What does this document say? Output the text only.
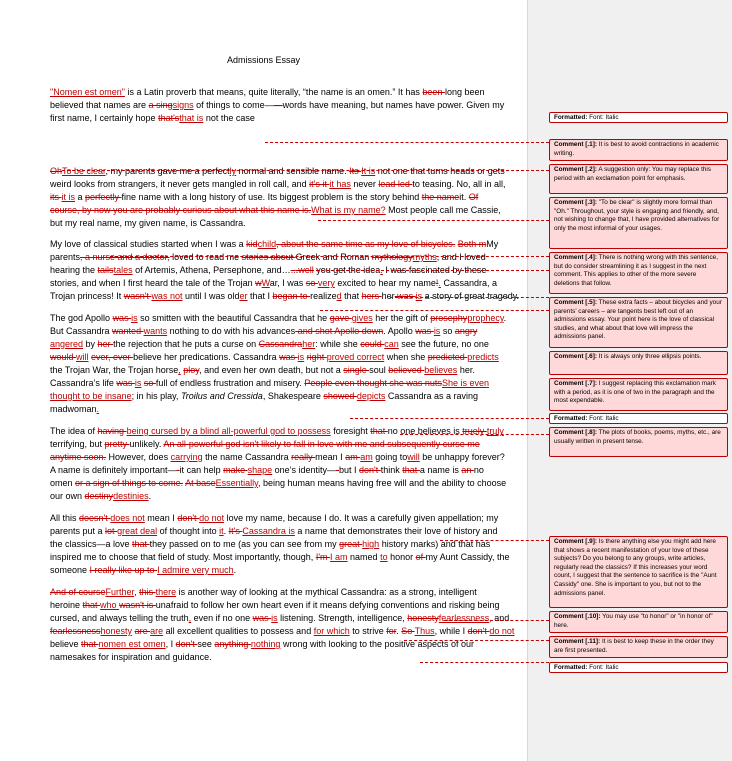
Admissions Essay
"Nomen est omen" is a Latin proverb that means, quite literally, “the name is an omen.” It has been long been
believed that names are a singsigns of things to come——words have meaning, but names have power. Given my
first name, I certainly hope that'sthat is not the case
OhTo be clear, my parents gave me a perfectly normal and sensible name. Its It is not one that turns heads or gets
weird looks from strangers, it never gets mangled in roll call, and it's it it has never lead led to teasing. No, all in all,
its it is a perfectly fine name with a long history of use. Its biggest problem is the story behind the nameit. Of
course, by now you are probably curious about what this name is.What is my name? Most people call me Cassie,
but my real name, my given name, is Cassandra.
My love of classical studies started when I was a kidchild, about the same time as my love of bicycles. Both mMy
parents, a nurse and a doctor, loved to read me stories about Greek and Roman mythologymyths, and I loved
hearing the tailstales of Artemis, Athena, Persephone, and…...well you get the idea. I was fascinated by these
stories, and when I first heard the tale of the Trojan wWar, I was so very excited to hear my name!. Cassandra, a
Trojan princess! It wasn't was not until I was older that I began to realized that hers her was is a story of great tragedy.
The god Apollo was is so smitten with the beautiful Cassandra that he gave gives her the gift of prosephyprophecy.
But Cassandra wanted wants nothing to do with his advances and shot Apollo down. Apollo was is so angry
angered by her the rejection that he puts a curse on Cassandraher: while she could can see the future, no one
would will ever, ever believe her predications. Cassandra was is right proved correct when she predicted predicts
the Trojan War, the Trojan horse, ploy, and even her own death, but not a single soul believed believes her.
Cassandra’s life was is so full of endless frustration and misery. People even thought she was nutsShe is even
thought to be insane; in his play, Troilus and Cressida, Shakespeare showed depicts Cassandra as a raving
madwoman.
The idea of having being cursed by a blind all-powerful god to possess foresight that no one believes is truely truly
terrifying, but pretty unlikely. An all-powerful god isn't likely to fall in love with me and subsequently curse me
anytime soon. However, does carrying the name Cassandra really mean I am am going towill be unhappy forever?
A name is definitely important—-it can help make shape one’s identity—-but I don't think that a name is an no
omen or a sign of things to come. At baseEssentially, being human means having free will and the ability to choose
our own destinydestinies.
All this doesn't does not mean I don't do not love my name, because I do. It was a carefully given appellation; my
parents put a lot great deal of thought into it. It's Cassandra is a name that demonstrates their love of history and
the classics—a love that they passed on to me (as you can see from my great high history marks) and that has
inspired me to choose that field of study. Most importantly, though, I'm I am named to honor of my Aunt Cassidy, the
someone I really like up to I admire very much.
And of courseFurther, this there is another way of looking at the mythical Cassandra: as a strong, intelligent
heroine that who wasn't is unafraid to follow her own heart even if it means defying conventions and risking being
cursed, and always telling the truth, even if no one was is listening. Strength, intelligence, honestyfearlessness, and
fearlessnesshonesty are are all excellent qualities to possess and for which to strive for. So Thus, while I don't do not
believe that nomen est omen, I don't see anything nothing wrong with looking to the positive aspects of our
namesakes for inspiration and guidance.
Formatted: Font: Italic
Comment [.1]: It is best to avoid contractions in academic writing.
Comment [.2]: A suggestion only: You may replace this period with an exclamation point for emphasis.
Comment [.3]: "To be clear" is slightly more formal than "Oh." Throughout, your style is engaging and friendly, and, not wishing to change that, I have provided alternatives for only the most informal of your usages.
Comment [.4]: There is nothing wrong with this sentence, but do consider streamlining it as I suggest in the next comment. This applies to other of the more severe deletions that follow.
Comment [.5]: These extra facts – about bicycles and your parents' careers – are tangents best left out of an admissions essay. Your point here is the love of classical studies, and what about that love will impress the admissions panel.
Comment [.6]: It is always only three ellipsis points.
Comment [.7]: I suggest replacing this exclamation mark with a period, as it is one of two in the paragraph and the most expendable.
Formatted: Font: Italic
Comment [.8]: The plots of books, poems, myths, etc., are usually written in present tense.
Comment [.9]: Is there anything else you might add here that shows a recent manifestation of your love of these subjects? Do you belong to any groups, write articles, regularly read the classics? If this increases your word count, I suggest that the sentence to sacrifice is the "Aunt Cassidy" one. She is important to you, but not to the admissions panel.
Comment [.10]: You may use "to honor" or "in honor of" here.
Comment [.11]: It is best to keep these in the order they are first presented.
Formatted: Font: Italic
